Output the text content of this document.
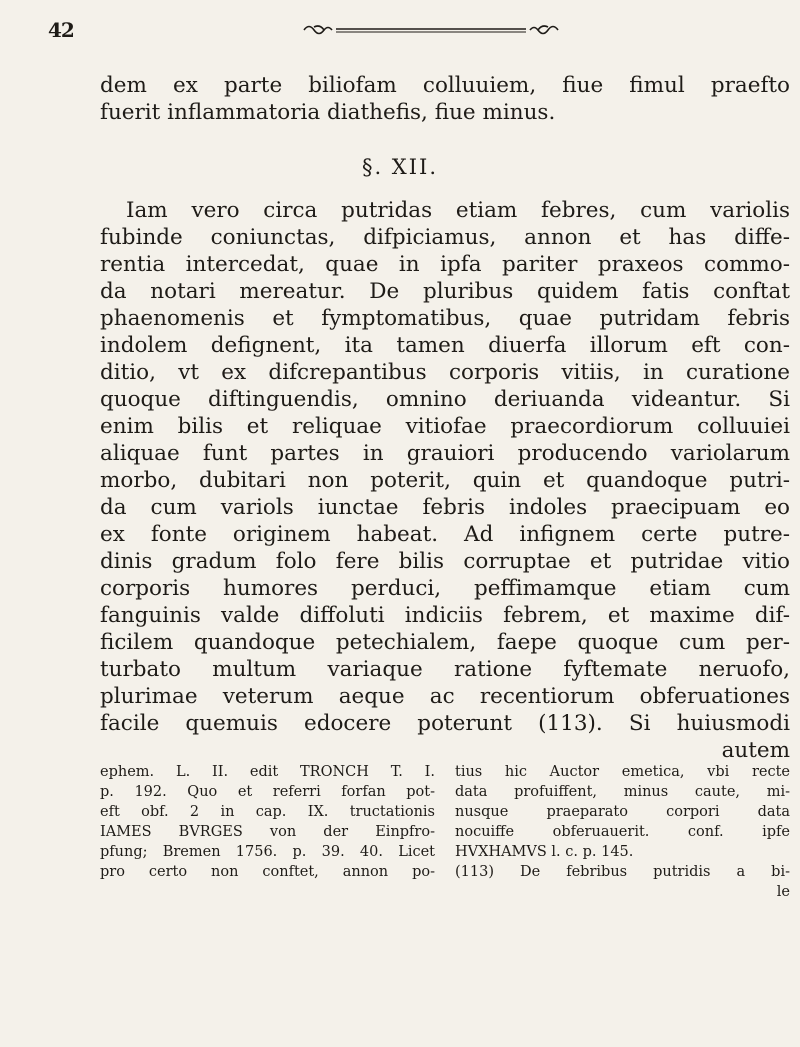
42
dem ex parte biliofam colluuiem, fiue fimul praefto
fuerit inflammatoria diathefis, fiue minus.
§. XII.
Iam vero circa putridas etiam febres, cum variolis
fubinde coniunctas, difpiciamus, annon et has diffe-
rentia intercedat, quae in ipfa pariter praxeos commo-
da notari mereatur. De pluribus quidem fatis conftat
phaenomenis et fymptomatibus, quae putridam febris
indolem defignent, ita tamen diuerfa illorum eft con-
ditio, vt ex difcrepantibus corporis vitiis, in curatione
quoque diftinguendis, omnino deriuanda videantur. Si
enim bilis et reliquae vitiofae praecordiorum colluuiei
aliquae funt partes in grauiori producendo variolarum
morbo, dubitari non poterit, quin et quandoque putri-
da cum variols iunctae febris indoles praecipuam eo
ex fonte originem habeat. Ad infignem certe putre-
dinis gradum folo fere bilis corruptae et putridae vitio
corporis humores perduci, peffimamque etiam cum
fanguinis valde diffoluti indiciis febrem, et maxime dif-
ficilem quandoque petechialem, faepe quoque cum per-
turbato multum variaque ratione fyftemate neruofo,
plurimae veterum aeque ac recentiorum obferuationes
facile quemuis edocere poterunt (113). Si huiusmodi
autem
ephem. L. II. edit TRONCH T. I.
p. 192. Quo et referri forfan pot-
eft obf. 2 in cap. IX. tructationis
IAMES BVRGES von der Einpfro-
pfung; Bremen 1756. p. 39. 40. Licet
pro certo non conftet, annon po-
tius hic Auctor emetica, vbi recte
data profuiffent, minus caute, mi-
nusque praeparato corpori data
nocuiffe obferuauerit. conf. ipfe
HVXHAMVS l. c. p. 145.
(113) De febribus putridis a bi-
le
